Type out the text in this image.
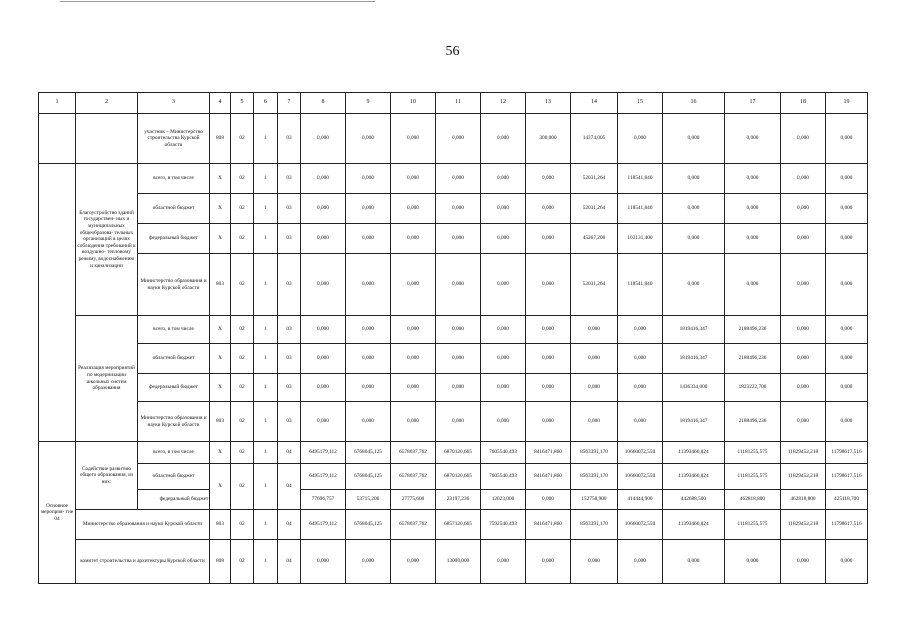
56
1	2	3	4	5	6	7	8	9	10	11	12	13	14	15	16	17	18	19
		участник – Министерство строительства Курской области	808	02	1	03	0,000	0,000	0,000	0,000	0,000	300,000	14374,005	0,000	0,000	0,000	0,000	0,000
	Благоустройство зданий государствен- ных и муниципальных общеобразова- тельных организаций в целях соблюдения требований к воздушно- тепловому режиму, водоснабжению и канализации	всего, в том числе	X	02	1	03	0,000	0,000	0,000	0,000	0,000	0,000	52031,264	118541,840	0,000	0,000	0,000	0,000
		областной бюджет	X	02	1	03	0,000	0,000	0,000	0,000	0,000	0,000	52031,264	118541,840	0,000	0,000	0,000	0,000
		федеральный бюджет	X	02	1	03	0,000	0,000	0,000	0,000	0,000	0,000	45267,200	103131,400	0,000	0,000	0,000	0,000
		Министерство образования и науки Курской области	803	02	1	03	0,000	0,000	0,000	0,000	0,000	0,000	52031,264	118541,840	0,000	0,000	0,000	0,000
	Реализация мероприятий по модернизации школьных систем образования	всего, в том числе	X	02	1	03	0,000	0,000	0,000	0,000	0,000	0,000	0,000	0,000	1819416,347	2188496,236	0,000	0,000
		областной бюджет	X	02	1	03	0,000	0,000	0,000	0,000	0,000	0,000	0,000	0,000	1819416,347	2188496,236	0,000	0,000
		федеральный бюджет	X	02	1	03	0,000	0,000	0,000	0,000	0,000	0,000	0,000	0,000	1436334,000	1823222,700	0,000	0,000
		Министерство образования и науки Курской области	803	02	1	03	0,000	0,000	0,000	0,000	0,000	0,000	0,000	0,000	1819416,347	2188496,236	0,000	0,000
Основное мероприя- тие 04	Содействие развитию общего образования, из них:	всего, в том числе	X	02	1	04	6495179,112	6768045,125	6578037,762	6870120,665	7605540,493	8416471,860	8563391,170	10660072,550	11393466,824	11181255,575	11829452,218	11798617,516
		областной бюджет	X	02	1	04	6495179,112	6768045,125	6578037,762	6870120,665	7605540,493	8416471,860	8563391,170	10660072,550	11393466,824	11181255,575	11829452,218	11798617,516
		федеральный бюджет					77696,757	53715,206	27775,600	23197,236	12023,000	0,000	152758,900	414444,900	442688,500	462818,800	462818,800	425118,700
	Министерство образования и науки Курской области		803	02	1	04	6495179,112	6768045,125	6578037,762	6857120,665	7592540,493	8416471,860	8563391,170	10660072,550	11393466,824	11181255,575	11829452,218	11798617,516
	комитет строительства и архитектуры Курской области		808	02	1	04	0,000	0,000	0,000	13000,000	0,000	0,000	0,000	0,000	0,000	0,000	0,000	0,000
